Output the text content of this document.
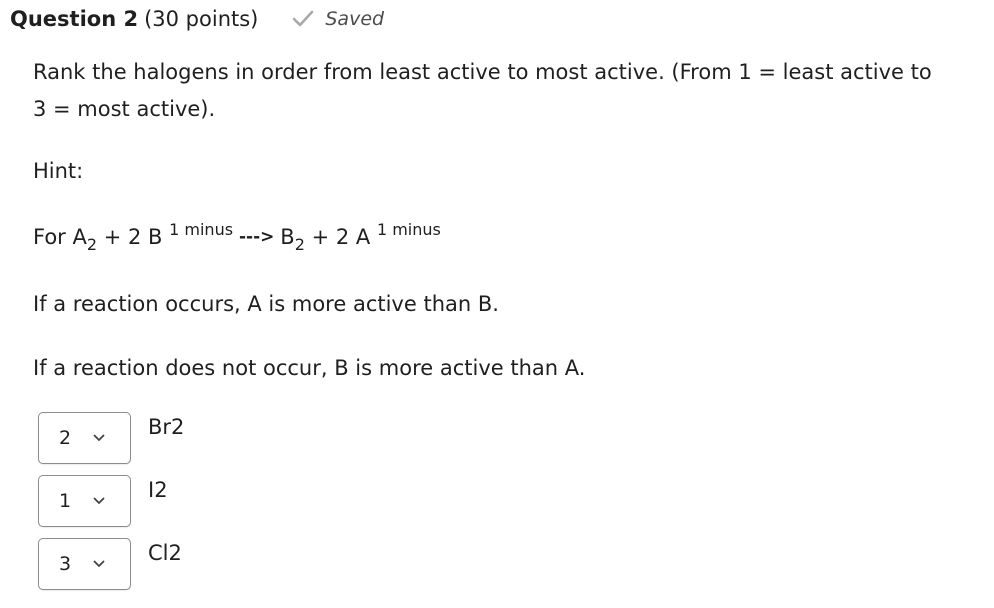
Question 2 (30 points)	Saved
Rank the halogens in order from least active to most active. (From 1 = least active to
3 = most active).
Hint:
For $A_2 + 2$ B $^{1 minus}$ ---> $B_2 + 2$ A $^{1 minus}$
If a reaction occurs, A is more active than B.
If a reaction does not occur, B is more active than A.
2	Br2
1	I2
3	Cl2
